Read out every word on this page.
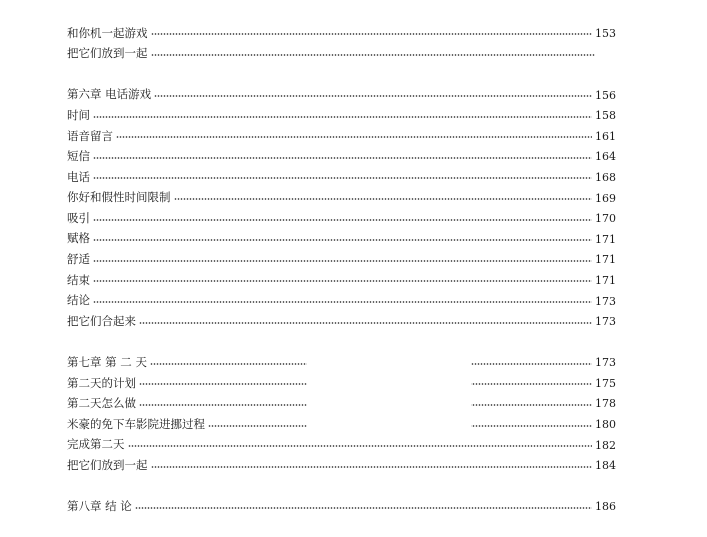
和你机一起游戏	153
把它们放到一起
第六章 电话游戏	156
时间	158
语音留言	161
短信	164
电话	168
你好和假性时间限制	169
吸引	170
赋格	171
舒适	171
结束	171
结论	173
把它们合起来	173
第七章 第 二 天	173
第二天的计划	175
第二天怎么做	178
米豪的免下车影院进挪过程	180
完成第二天	182
把它们放到一起	184
第八章 结 论	186
